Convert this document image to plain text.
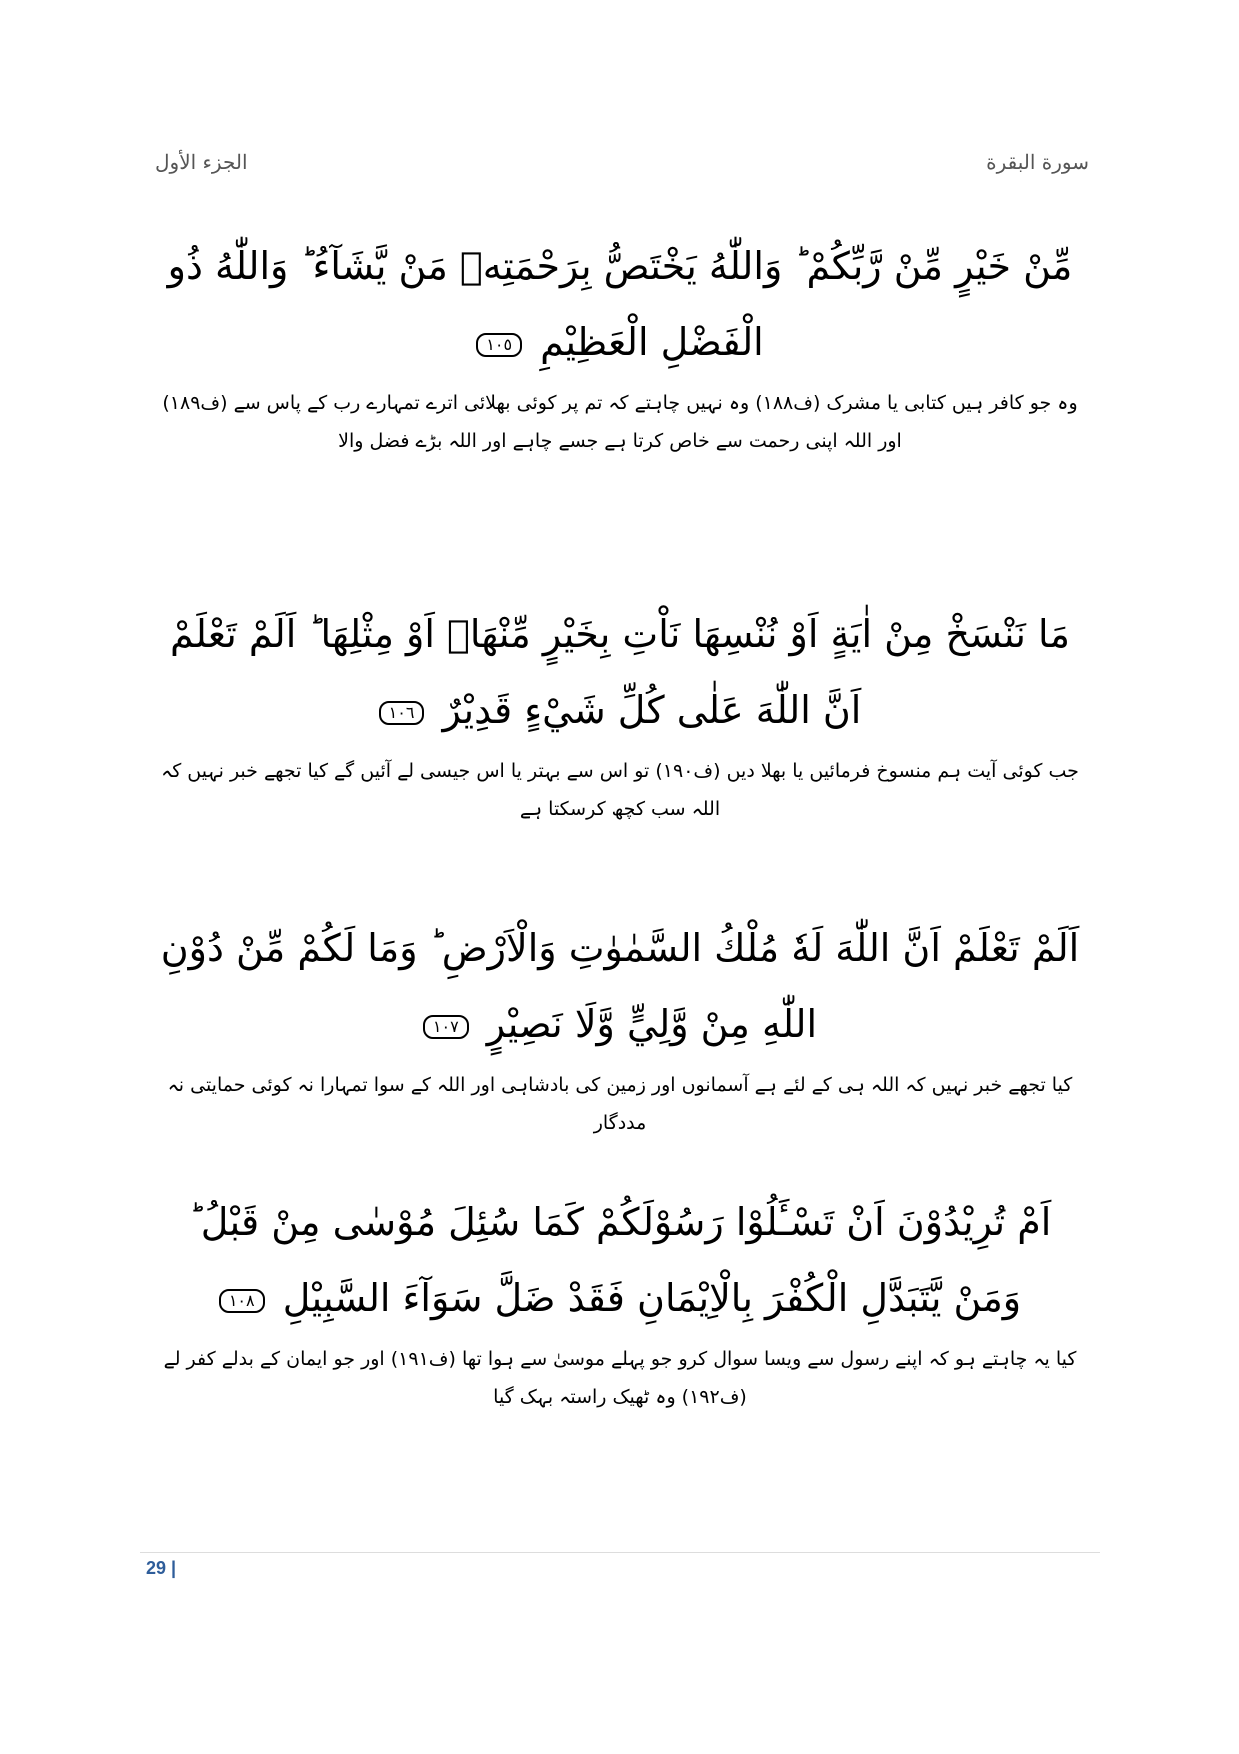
الجزء الأول	سورة البقرة
مِّنْ خَيْرٍ مِّنْ رَّبِّكُمْ ؕ وَاللّٰهُ يَخْتَصُّ بِرَحْمَتِهٖ مَنْ يَّشَآءُ ؕ وَاللّٰهُ ذُو الْفَضْلِ الْعَظِيْمِ ١٠٥
وہ جو کافر ہیں کتابی یا مشرک (ف۱۸۸) وہ نہیں چاہتے کہ تم پر کوئی بھلائی اترے تمہارے رب کے پاس سے (ف۱۸۹) اور اللہ اپنی رحمت سے خاص کرتا ہے جسے چاہے اور اللہ بڑے فضل والا
مَا نَنْسَخْ مِنْ اٰيَةٍ اَوْ نُنْسِهَا نَاْتِ بِخَيْرٍ مِّنْهَاۤ اَوْ مِثْلِهَا ؕ اَلَمْ تَعْلَمْ اَنَّ اللّٰهَ عَلٰى كُلِّ شَيْءٍ قَدِيْرٌ ١٠٦
جب کوئی آیت ہم منسوخ فرمائیں یا بھلا دیں (ف۱۹۰) تو اس سے بہتر یا اس جیسی لے آئیں گے کیا تجھے خبر نہیں کہ اللہ سب کچھ کرسکتا ہے
اَلَمْ تَعْلَمْ اَنَّ اللّٰهَ لَهٗ مُلْكُ السَّمٰوٰتِ وَالْاَرْضِ ؕ وَمَا لَكُمْ مِّنْ دُوْنِ اللّٰهِ مِنْ وَّلِيٍّ وَّلَا نَصِيْرٍ ١٠٧
کیا تجھے خبر نہیں کہ اللہ ہی کے لئے ہے آسمانوں اور زمین کی بادشاہی اور اللہ کے سوا تمہارا نہ کوئی حمایتی نہ مددگار
اَمْ تُرِيْدُوْنَ اَنْ تَسْـَٔلُوْا رَسُوْلَكُمْ كَمَا سُئِلَ مُوْسٰى مِنْ قَبْلُ ؕ وَمَنْ يَّتَبَدَّلِ الْكُفْرَ بِالْاِيْمَانِ فَقَدْ ضَلَّ سَوَآءَ السَّبِيْلِ ١٠٨
کیا یہ چاہتے ہو کہ اپنے رسول سے ویسا سوال کرو جو پہلے موسیٰ سے ہوا تھا (ف۱۹۱) اور جو ایمان کے بدلے کفر لے (ف۱۹۲) وہ ٹھیک راستہ بہک گیا
29 |
